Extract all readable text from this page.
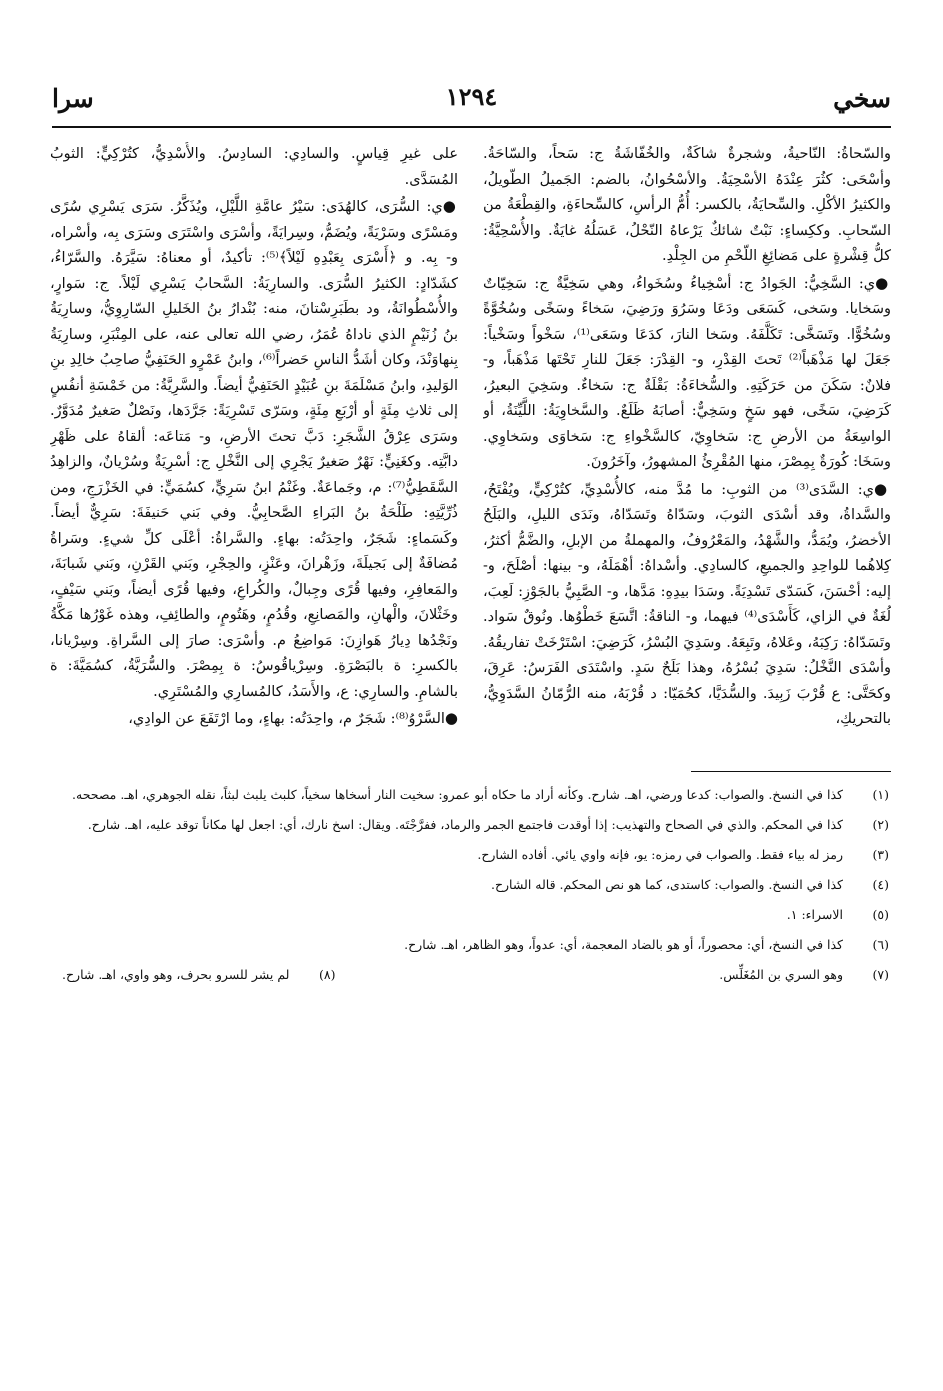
سخي
١٢٩٤
سرا

والسّحاةُ: النّاحيةُ، وشجرةٌ شاكَةٌ، والخُفّاشَةُ ج: سَحاً، والسّاحَةُ. وأسْحَى: كثُرَ عِنْدَهُ الأسْحِيَةُ. والأسْحُوانُ، بالضم: الجَميلُ الطّويلُ، والكثيرُ الأكْلِ. والسِّحايَةُ، بالكسر: أُمُّ الرأسِ، كالسِّحاءَةِ، والقِطْعَةُ من السّحابِ. وككِساءٍ: نَبْتٌ شائكٌ يَرْعاهُ النّحْلُ، عَسَلُهُ غايَةٌ. والأُسْحِيَّةُ: كلُّ قِشْرةٍ على مَضائِغِ اللّحْمِ من الجِلْدِ.

●ي: السَّخِيُّ: الجَوادُ ج: أسْخِياءُ وسُخَواءُ، وهي سَخِيَّةٌ ج: سَخِيّاتٌ وسَخايا. وسَخى، كَسَعَى ودَعَا وسَرُوَ ورَضِيَ، سَخاءً وسَخًى وسُخُوَّةً وسُخُوًّا. وتَسَخَّى: تَكَلَّفَهُ. وسَخا النارَ، كدَعَا وسَعَى⁽¹⁾، سَخْواً وسَخْياً: جَعَلَ لها مَذْهَباً⁽²⁾ تَحتَ القِدْرِ، و- القِدْرَ: جَعَلَ للنارِ تَحْتَها مَذْهَباً، و- فلانٌ: سَكَنَ من حَرَكَتِهِ. والسُّخاءَةُ: بَقْلَةٌ ج: سَخاءٌ. وسَخِيَ البعيرُ، كَرَضِيَ، سَخًى، فهو سَخٍ وسَخِيٌّ: أصابَهُ ظَلَعٌ. والسَّخاوِيَةُ: اللَّيِّنَةُ، أو الواسِعَةُ من الأرضِ ج: سَخاوِيّ، كالسَّخْواءِ ج: سَخاوَى وسَخاوِي. وسَخَا: كُورَةٌ بِمِصْرَ، منها المُقْرِئُ المشهورُ، وآخَرُونَ.

●ي: السَّدَى⁽³⁾ من الثوبِ: ما مُدَّ منه، كالأُسْدِيِّ، كتُرْكِيٍّ، ويُفْتَحُ، والسَّداةُ، وقد أسْدَى الثوبَ، وسَدّاهُ وتَسَدّاهُ، ونَدَى الليلِ، والبَلَحُ الأخضرُ، ويُمَدُّ، والشَّهْدُ، والمَعْرُوفُ، والمهملةُ من الإبلِ، والضَّمُّ أكثرُ، كِلاهُما للواحِدِ والجميعِ، كالسادِي. وأسْداهُ: أهْمَلَهُ، و- بينها: أصْلَحَ، و- إليه: أحْسَنَ، كَسَدّى تَسْدِيَةً. وسَدَا بيدِهِ: مَدَّها، و- الصَّبِيُّ بالجَوْزِ: لَعِبَ، لُغَةٌ في الزاي، كَأَسْدَى⁽⁴⁾ فيهما، و- الناقةُ: اتَّسَعَ خَطْوُها. ونُوقٌ سَواد. وتَسَدّاهُ: رَكِبَهُ، وعَلاهُ، وتَبِعَهُ. وسَدِيَ البُسْرُ، كَرَضِيَ: اسْتَرْخَتْ تفاريقُهُ. وأسْدَى النَّخْلُ: سَدِيَ بُسْرُهُ، وهذا بَلَحٌ سَدٍ. واسْتَدَى الفَرَسُ: عَرِقَ، وكحَتَّى: ع قُرْبَ زَبِيدَ. والسُّدَيَّا، كحُمَيّا: د قُرْبَهُ، منه الرُّمّانُ السَّدَوِيُّ، بالتحريكِ،

على غيرِ قِياسٍ. والسادِي: السادِسُ. والأُسْدِيُّ، كتُرْكِيٍّ: الثوبُ المُسَدَّى.

●ي: السُّرَى، كالهُدَى: سَيْرُ عامَّةِ اللَّيْلِ، ويُذَكَّرُ. سَرَى يَسْرِي سُرًى ومَسْرًى وسَرْيَةً، ويُضَمُّ، وسِرايَةً، وأسْرَى واسْتَرَى وسَرَى بِه، وأسْراه، و- بِه. و ﴿أَسْرَى بِعَبْدِهِ لَيْلاً﴾⁽⁵⁾: تأكيدٌ، أو معناهُ: سَيَّرَهُ. والسَّرّاءُ، كشَدّادٍ: الكثيرُ السُّرَى. والسارِيَةُ: السَّحابُ يَسْرِي لَيْلاً. ج: سَوارٍ، والأُسْطُوانَةُ، ود بطَبَرِسْتانَ، منه: بُنْدارُ بنُ الخَليلِ السّارِوِيُّ، وسارِيَةُ بنُ زُنَيْمٍ الذي ناداهُ عُمَرُ، رضي الله تعالى عنه، على المِنْبَرِ، وسارِيَةُ بِنهاوَنْدَ، وكان أشَدُّ الناسِ حَضراً⁽⁶⁾، وابنُ عَمْرٍو الحَنَفِيُّ صاحِبُ خالِدِ بنِ الوَليدِ، وابنُ مَسْلَمَةَ بنِ عُبَيْدٍ الحَنَفِيُّ أيضاً. والسَّرِيَّةُ: من خَمْسَةِ أنفُسٍ إلى ثلاثِ مِئَةٍ أو أرْبَعِ مِئَةٍ، وسَرّى تَسْرِيَةً: جَرَّدَها، ونَصْلٌ صَغيرٌ مُدَوَّرٌ. وسَرَى عِرْقُ الشَّجَرِ: دَبَّ تحتَ الأرضِ، و- مَتاعَه: ألقاهُ على ظَهْرِ دابَّتِه. وكغَنِيٍّ: نَهْرٌ صَغيرٌ يَجْرِي إلى النَّخْلِ ج: أسْرِيَةٌ وسُرْيانٌ، والزاهِدُ السَّقَطِيُّ⁽⁷⁾: م، وجَماعَةٌ. وغَنْمُ ابنُ سَرِيٍّ، كسُمَيٍّ: في الخَزْرَجِ، ومن ذُرِّيَّتِهِ: طَلْحَةُ بنُ البَراءِ الصَّحابِيُّ. وفي بَني حَنيفَةَ: سَرِيٌّ أيضاً. وكَسَماءٍ: شَجَرٌ، واحِدَتُه: بهاءٍ. والسَّراةُ: أعْلَى كلِّ شيءٍ. وسَراةُ مُضافَةٌ إلى بَجيلَةَ، وزَهْرانَ، وعَنْزٍ، والحِجْرِ، وبَني القَرْنِ، وبَني شَبابَةَ، والمَعافِرِ، وفيها قُرًى وجِبالٌ، والكُراعِ، وفيها قُرًى أيضاً، وبَني سَيْفٍ، وخَثْلانَ، والْهانِ، والمَصانِعِ، وقُدُمٍ، وهَتُومٍ، والطائِفِ، وهذه غَوْرُها مَكَّةُ ونَجْدُها دِيارُ هَوازِنَ: مَواضِعُ م. وأسْرَى: صارَ إلى السَّراةِ. وسِرْيانا، بالكسرِ: ة بالبَصْرَةِ. وسِرْياقُوسُ: ة بِمِصْرَ. والسُّرَيَّةُ، كسُمَيَّةَ: ة بالشامِ. والسارِي: ع، والأَسَدُ، كالمُسارِي والمُسْتَرِي.

●السَّرْوُ⁽⁸⁾: شَجَرٌ م، واحِدَتُه: بهاءٍ، وما ارْتَفَعَ عن الوادِي،

(١)
كذا في النسخ. والصواب: كدعا ورضي، اهـ. شارح. وكأنه أراد ما حكاه أبو عمرو: سخيت النار أسخاها سخياً، كلبث يلبث لبثاً، نقله الجوهري، اهـ. مصححه.
(٢)
كذا في المحكم. والذي في الصحاح والتهذيب: إذا أوقدت فاجتمع الجمر والرماد، ففرَّجْتَه. ويقال: اسخ نارك، أي: اجعل لها مكاناً توقد عليه، اهـ. شارح.
(٣)
رمز له بياء فقط. والصواب في رمزه: يو، فإنه واوي يائي. أفاده الشارح.
(٤)
كذا في النسخ. والصواب: كاستدى، كما هو نص المحكم. قاله الشارح.
(٥)
الاسراء: ١.
(٦)
كذا في النسخ، أي: محصوراً، أو هو بالضاد المعجمة، أي: عدواً، وهو الظاهر، اهـ. شارح.
(٧)
وهو السري بن المُغَلِّس.
(٨)
لم يشر للسرو بحرف، وهو واوي، اهـ. شارح.
